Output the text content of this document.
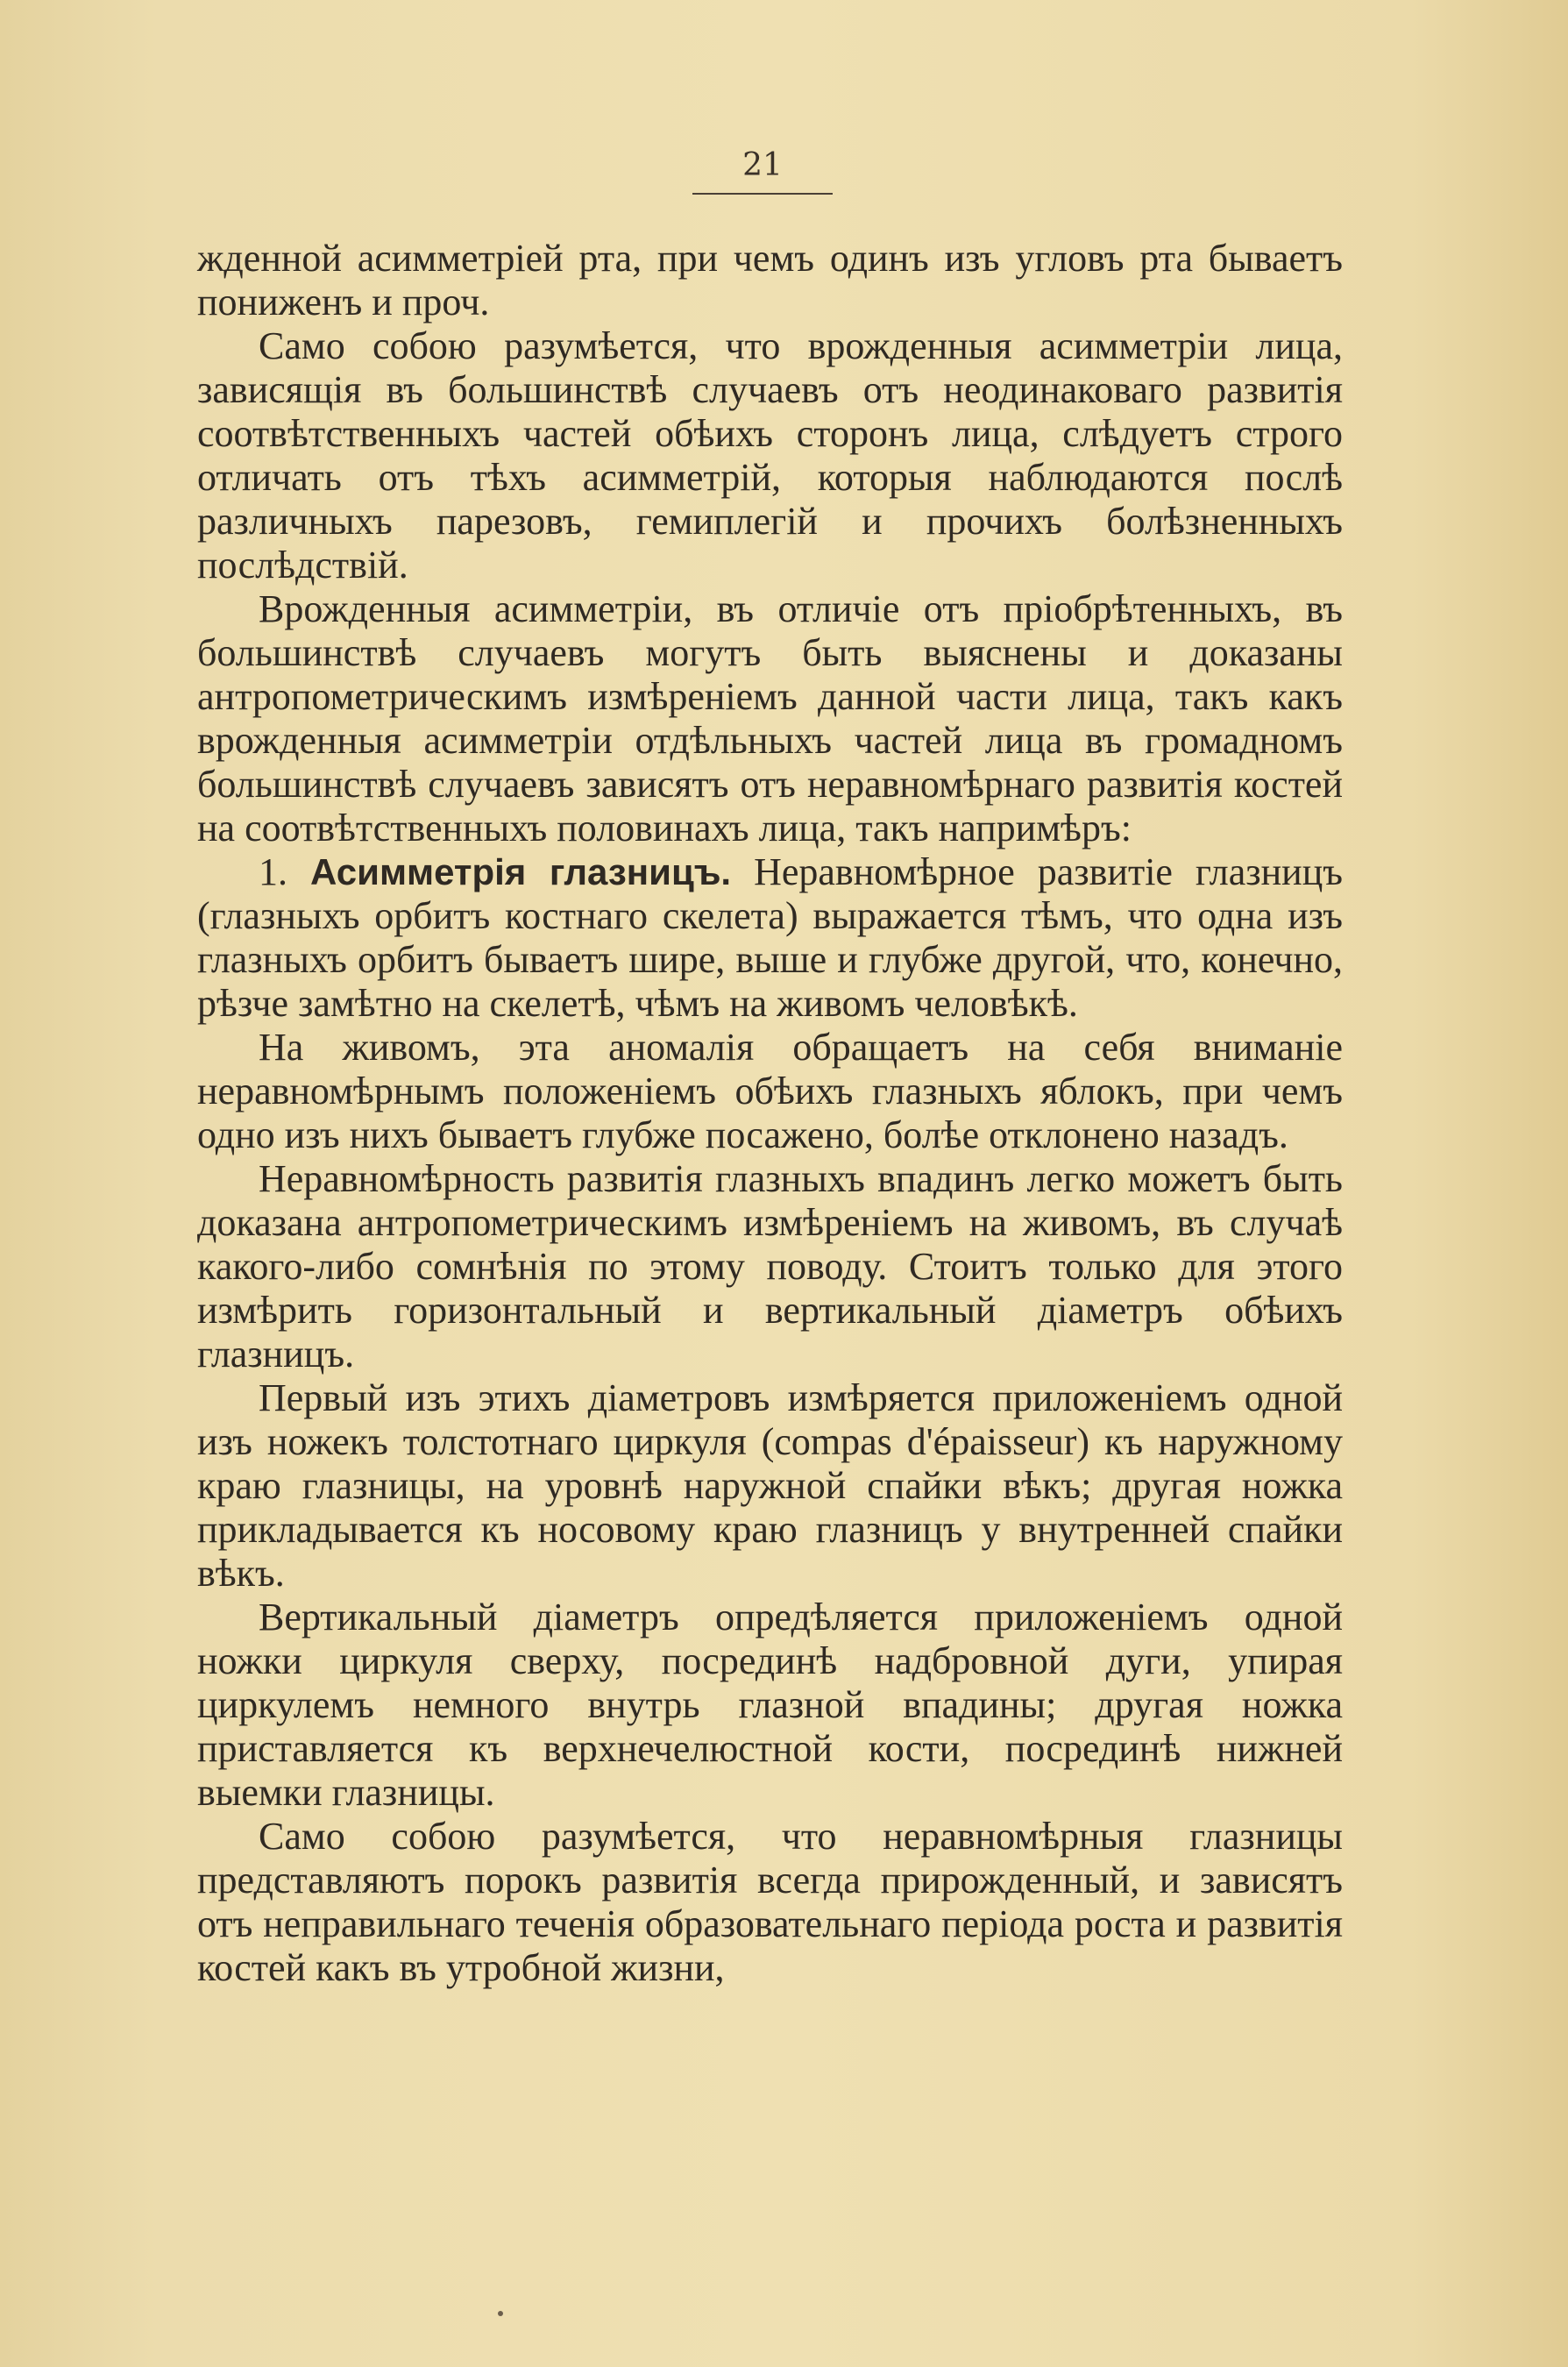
21

жденной асимметріей рта, при чемъ одинъ изъ угловъ рта бываетъ пониженъ и проч.

Само собою разумѣется, что врожденныя асимметріи лица, зависящія въ большинствѣ случаевъ отъ неодинаковаго развитія соотвѣтственныхъ частей обѣихъ сторонъ лица, слѣдуетъ строго отличать отъ тѣхъ асимметрій, которыя наблюдаются послѣ различныхъ парезовъ, гемиплегій и прочихъ болѣзненныхъ послѣдствій.

Врожденныя асимметріи, въ отличіе отъ пріобрѣтенныхъ, въ большинствѣ случаевъ могутъ быть выяснены и доказаны антропометрическимъ измѣреніемъ данной части лица, такъ какъ врожденныя асимметріи отдѣльныхъ частей лица въ громадномъ большинствѣ случаевъ зависятъ отъ неравномѣрнаго развитія костей на соотвѣтственныхъ половинахъ лица, такъ напримѣръ:

1. Асимметрія глазницъ. Неравномѣрное развитіе глазницъ (глазныхъ орбитъ костнаго скелета) выражается тѣмъ, что одна изъ глазныхъ орбитъ бываетъ шире, выше и глубже другой, что, конечно, рѣзче замѣтно на скелетѣ, чѣмъ на живомъ человѣкѣ.

На живомъ, эта аномалія обращаетъ на себя вниманіе неравномѣрнымъ положеніемъ обѣихъ глазныхъ яблокъ, при чемъ одно изъ нихъ бываетъ глубже посажено, болѣе отклонено назадъ.

Неравномѣрность развитія глазныхъ впадинъ легко можетъ быть доказана антропометрическимъ измѣреніемъ на живомъ, въ случаѣ какого-либо сомнѣнія по этому поводу. Стоитъ только для этого измѣрить горизонтальный и вертикальный діаметръ обѣихъ глазницъ.

Первый изъ этихъ діаметровъ измѣряется приложеніемъ одной изъ ножекъ толстотнаго циркуля (compas d'épaisseur) къ наружному краю глазницы, на уровнѣ наружной спайки вѣкъ; другая ножка прикладывается къ носовому краю глазницъ у внутренней спайки вѣкъ.

Вертикальный діаметръ опредѣляется приложеніемъ одной ножки циркуля сверху, посрединѣ надбровной дуги, упирая циркулемъ немного внутрь глазной впадины; другая ножка приставляется къ верхнечелюстной кости, посрединѣ нижней выемки глазницы.

Само собою разумѣется, что неравномѣрныя глазницы представляютъ порокъ развитія всегда прирожденный, и зависятъ отъ неправильнаго теченія образовательнаго періода роста и развитія костей какъ въ утробной жизни,
